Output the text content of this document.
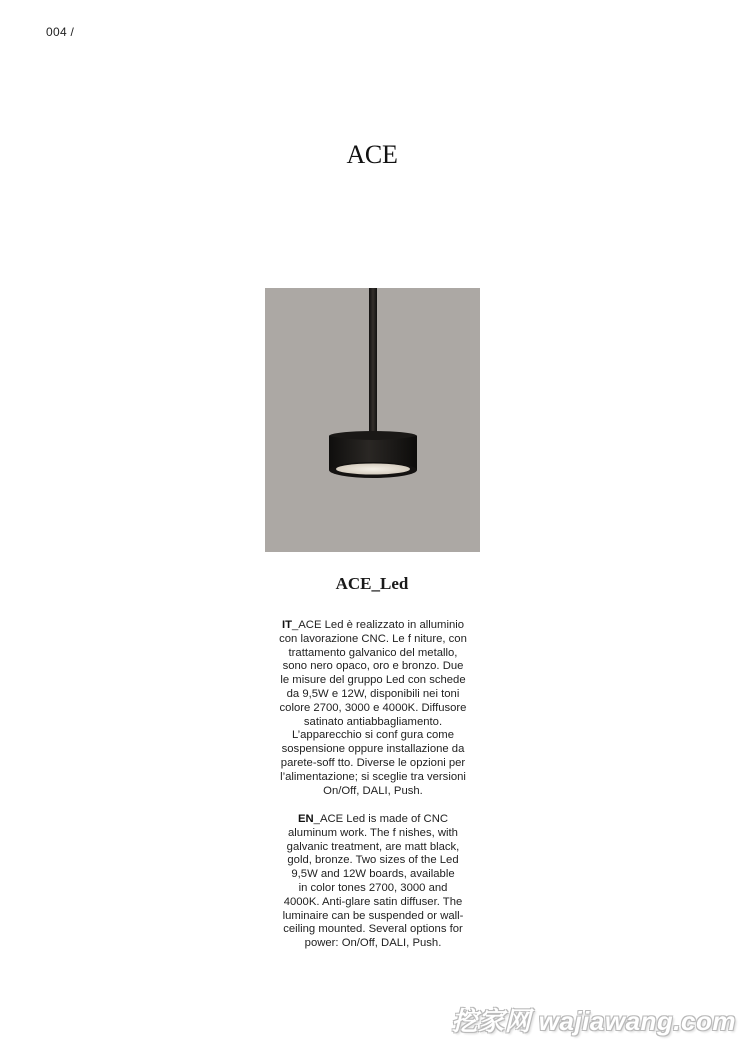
004 /
ACE
ACE_Led

IT_ACE Led è realizzato in alluminio

con lavorazione CNC. Le f niture, con

trattamento galvanico del metallo,

sono nero opaco, oro e bronzo. Due

le misure del gruppo Led con schede

da 9,5W e 12W, disponibili nei toni

colore 2700, 3000 e 4000K. Diffusore

satinato antiabbagliamento.

L’apparecchio si conf gura come

sospensione oppure installazione da

parete-soff tto. Diverse le opzioni per

l’alimentazione; si sceglie tra versioni

On/Off, DALI, Push.

EN_ACE Led is made of CNC

aluminum work. The f nishes, with

galvanic treatment, are matt black,

gold, bronze. Two sizes of the Led

9,5W and 12W boards, available

in color tones 2700, 3000 and

4000K. Anti-glare satin diffuser. The

luminaire can be suspended or wall-

ceiling mounted. Several options for

power: On/Off, DALI, Push.

挖家网 wajiawang.com
